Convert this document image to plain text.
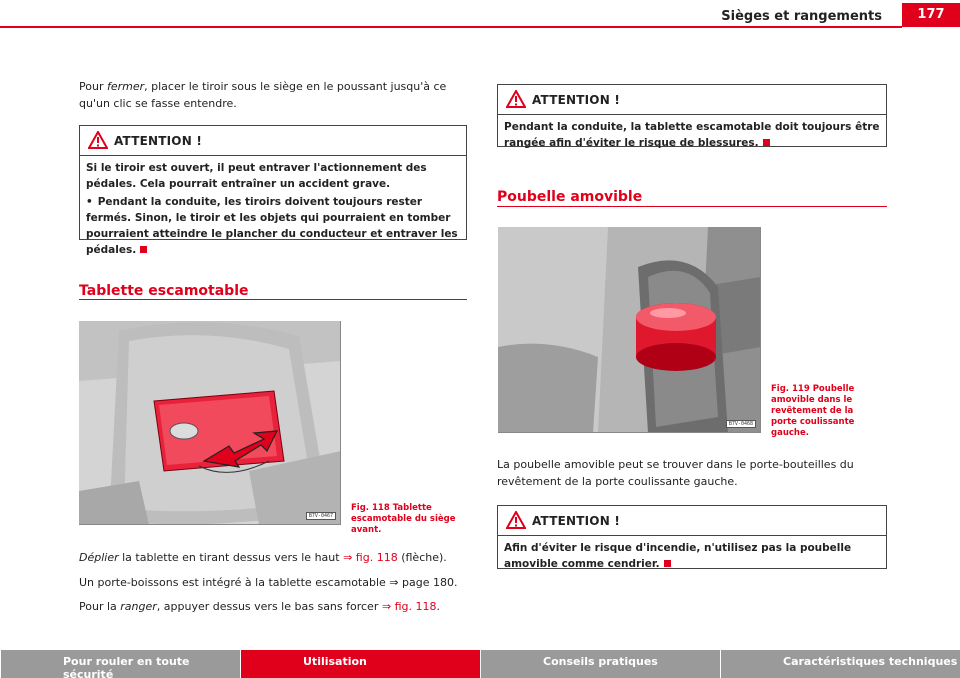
Sièges et rangements	177
Pour fermer, placer le tiroir sous le siège en le poussant jusqu'à ce qu'un clic se fasse entendre.
ATTENTION !
Si le tiroir est ouvert, il peut entraver l'actionnement des pédales. Cela pourrait entraîner un accident grave.
• Pendant la conduite, les tiroirs doivent toujours rester fermés. Sinon, le tiroir et les objets qui pourraient en tomber pourraient atteindre le plancher du conducteur et entraver les pédales.
Tablette escamotable
B7V-0467
Fig. 118 Tablette escamotable du siège avant.
Déplier la tablette en tirant dessus vers le haut ⇒ fig. 118 (flèche).
Un porte-boissons est intégré à la tablette escamotable ⇒ page 180.
Pour la ranger, appuyer dessus vers le bas sans forcer ⇒ fig. 118.
ATTENTION !
Pendant la conduite, la tablette escamotable doit toujours être rangée afin d'éviter le risque de blessures.
Poubelle amovible
B7V-0468
Fig. 119 Poubelle amovible dans le revêtement de la porte coulissante gauche.
La poubelle amovible peut se trouver dans le porte-bouteilles du revêtement de la porte coulissante gauche.
ATTENTION !
Afin d'éviter le risque d'incendie, n'utilisez pas la poubelle amovible comme cendrier.
Pour rouler en toute sécurité
Utilisation	Conseils pratiques	Caractéristiques techniques
